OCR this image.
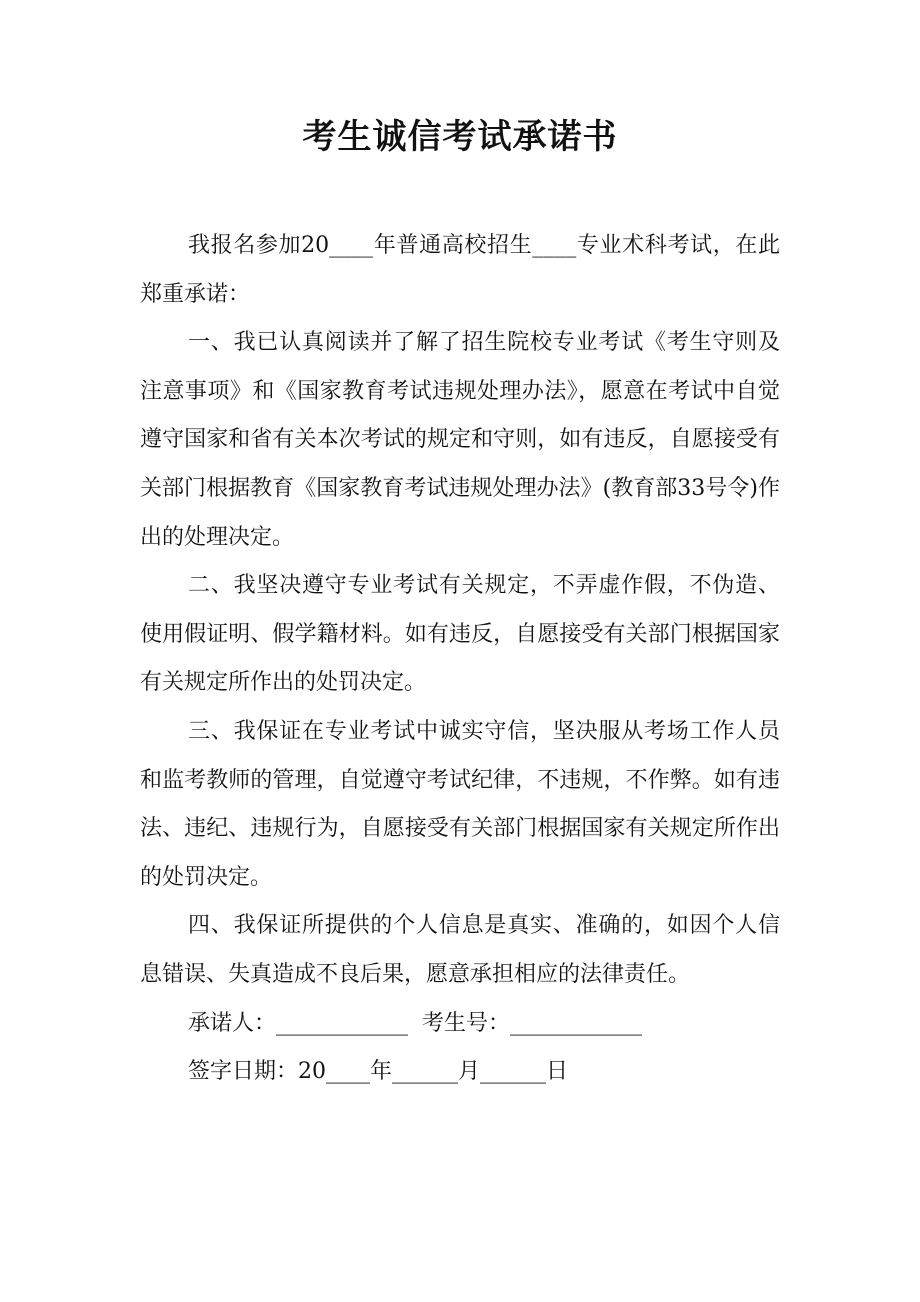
考生诚信考试承诺书

我报名参加20____年普通高校招生____专业术科考试，在此郑重承诺：

一、我已认真阅读并了解了招生院校专业考试《考生守则及注意事项》和《国家教育考试违规处理办法》，愿意在考试中自觉遵守国家和省有关本次考试的规定和守则，如有违反，自愿接受有关部门根据教育《国家教育考试违规处理办法》(教育部33号令)作出的处理决定。

二、我坚决遵守专业考试有关规定，不弄虚作假，不伪造、使用假证明、假学籍材料。如有违反，自愿接受有关部门根据国家有关规定所作出的处罚决定。

三、我保证在专业考试中诚实守信，坚决服从考场工作人员和监考教师的管理，自觉遵守考试纪律，不违规，不作弊。如有违法、违纪、违规行为，自愿接受有关部门根据国家有关规定所作出的处罚决定。

四、我保证所提供的个人信息是真实、准确的，如因个人信息错误、失真造成不良后果，愿意承担相应的法律责任。

承诺人：____________  考生号：____________

签字日期：20____年______月______日
